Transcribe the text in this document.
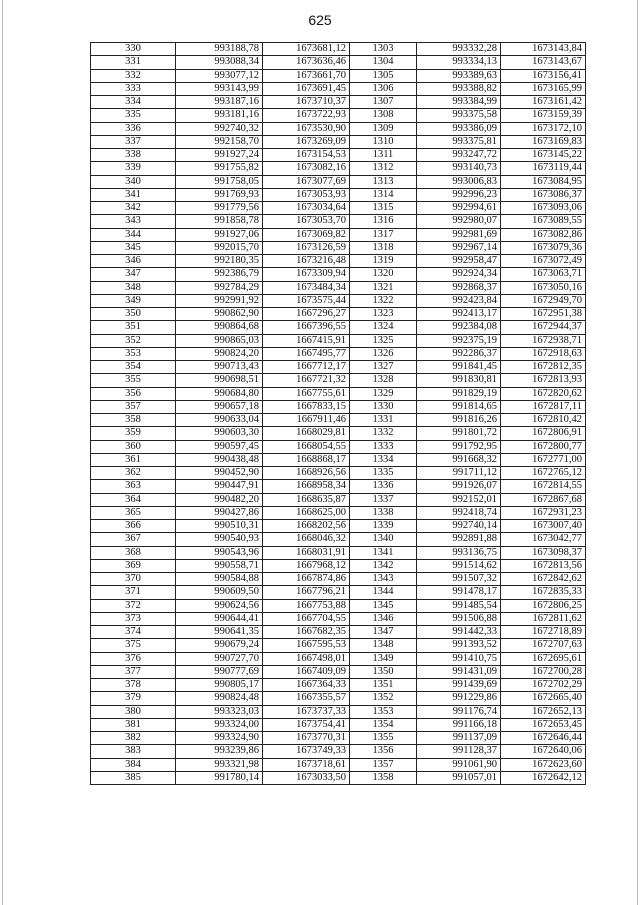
625
330	993188,78	1673681,12	1303	993332,28	1673143,84
331	993088,34	1673636,46	1304	993334,13	1673143,67
332	993077,12	1673661,70	1305	993389,63	1673156,41
333	993143,99	1673691,45	1306	993388,82	1673165,99
334	993187,16	1673710,37	1307	993384,99	1673161,42
335	993181,16	1673722,93	1308	993375,58	1673159,39
336	992740,32	1673530,90	1309	993386,09	1673172,10
337	992158,70	1673269,09	1310	993375,81	1673169,83
338	991927,24	1673154,53	1311	993247,72	1673145,22
339	991755,82	1673082,16	1312	993140,73	1673119,44
340	991758,05	1673077,69	1313	993006,83	1673084,95
341	991769,93	1673053,93	1314	992996,23	1673086,37
342	991779,56	1673034,64	1315	992994,61	1673093,06
343	991858,78	1673053,70	1316	992980,07	1673089,55
344	991927,06	1673069,82	1317	992981,69	1673082,86
345	992015,70	1673126,59	1318	992967,14	1673079,36
346	992180,35	1673216,48	1319	992958,47	1673072,49
347	992386,79	1673309,94	1320	992924,34	1673063,71
348	992784,29	1673484,34	1321	992868,37	1673050,16
349	992991,92	1673575,44	1322	992423,84	1672949,70
350	990862,90	1667296,27	1323	992413,17	1672951,38
351	990864,68	1667396,55	1324	992384,08	1672944,37
352	990865,03	1667415,91	1325	992375,19	1672938,71
353	990824,20	1667495,77	1326	992286,37	1672918,63
354	990713,43	1667712,17	1327	991841,45	1672812,35
355	990698,51	1667721,32	1328	991830,81	1672813,93
356	990684,80	1667755,61	1329	991829,19	1672820,62
357	990657,18	1667833,15	1330	991814,65	1672817,11
358	990633,04	1667911,46	1331	991816,26	1672810,42
359	990603,30	1668029,81	1332	991801,72	1672806,91
360	990597,45	1668054,55	1333	991792,95	1672800,77
361	990438,48	1668868,17	1334	991668,32	1672771,00
362	990452,90	1668926,56	1335	991711,12	1672765,12
363	990447,91	1668958,34	1336	991926,07	1672814,55
364	990482,20	1668635,87	1337	992152,01	1672867,68
365	990427,86	1668625,00	1338	992418,74	1672931,23
366	990510,31	1668202,56	1339	992740,14	1673007,40
367	990540,93	1668046,32	1340	992891,88	1673042,77
368	990543,96	1668031,91	1341	993136,75	1673098,37
369	990558,71	1667968,12	1342	991514,62	1672813,56
370	990584,88	1667874,86	1343	991507,32	1672842,62
371	990609,50	1667796,21	1344	991478,17	1672835,33
372	990624,56	1667753,88	1345	991485,54	1672806,25
373	990644,41	1667704,55	1346	991506,88	1672811,62
374	990641,35	1667682,35	1347	991442,33	1672718,89
375	990679,24	1667595,53	1348	991393,52	1672707,63
376	990727,70	1667498,01	1349	991410,75	1672695,61
377	990777,69	1667409,09	1350	991431,09	1672700,28
378	990805,17	1667364,33	1351	991439,69	1672702,29
379	990824,48	1667355,57	1352	991229,86	1672665,40
380	993323,03	1673737,33	1353	991176,74	1672652,13
381	993324,00	1673754,41	1354	991166,18	1672653,45
382	993324,90	1673770,31	1355	991137,09	1672646,44
383	993239,86	1673749,33	1356	991128,37	1672640,06
384	993321,98	1673718,61	1357	991061,90	1672623,60
385	991780,14	1673033,50	1358	991057,01	1672642,12
